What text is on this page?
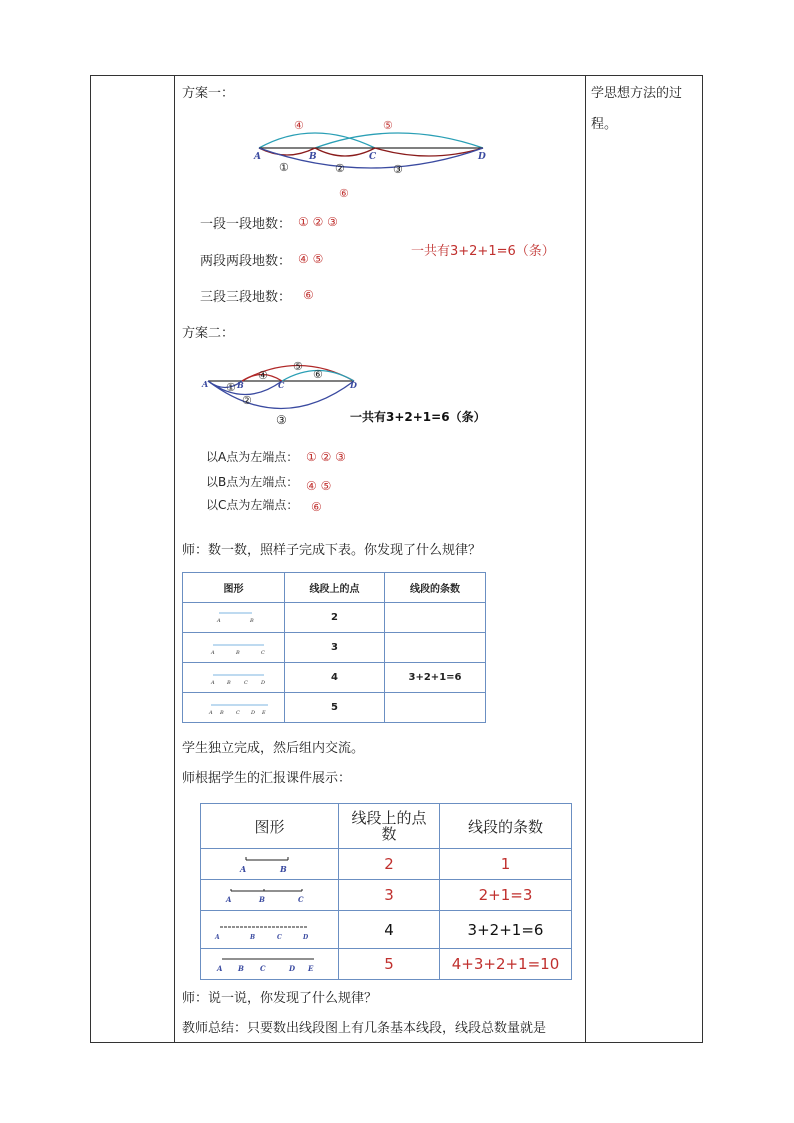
学思想方法的过
程。
方案一：
A	B	C	D
④	⑤
①	②	③
⑥
一段一段地数： ① ② ③
两段两段地数： ④ ⑤	一共有3+2+1=6（条）
三段三段地数： ⑥
方案二：
A	B	C	D
①
④
⑤
⑥
②
③	一共有3+2+1=6（条）
以A点为左端点： ① ② ③
以B点为左端点： ④ ⑤
以C点为左端点： ⑥
师：数一数，照样子完成下表。你发现了什么规律？
图形	线段上的点	线段的条数

A B	2	

A B C	3	

A B C D	4	3+2+1=6

A B C D E	5	
学生独立完成，然后组内交流。
师根据学生的汇报课件展示：
图形	线段上的点数	线段的条数

A B	2	1

A B C	3	2+1=3

A B C D	4	3+2+1=6

A B C D E	5	4+3+2+1=10
师：说一说，你发现了什么规律？
教师总结：只要数出线段图上有几条基本线段，线段总数量就是
